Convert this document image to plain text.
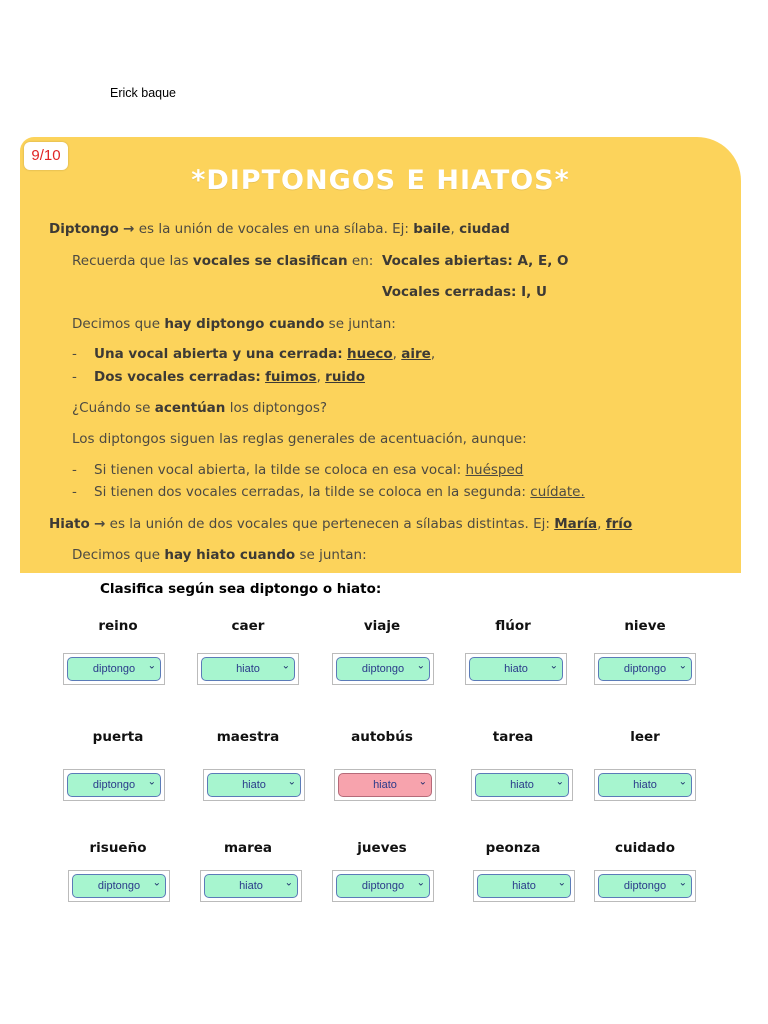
Erick baque
9/10
*DIPTONGOS E HIATOS*
Diptongo → es la unión de vocales en una sílaba. Ej: baile, ciudad
Recuerda que las vocales se clasifican en: Vocales abiertas: A, E, O
Vocales cerradas: I, U
Decimos que hay diptongo cuando se juntan:
-    Una vocal abierta y una cerrada: hueco, aire,
-    Dos vocales cerradas: fuimos, ruido
¿Cuándo se acentúan los diptongos?
Los diptongos siguen las reglas generales de acentuación, aunque:
-    Si tienen vocal abierta, la tilde se coloca en esa vocal: huésped
-    Si tienen dos vocales cerradas, la tilde se coloca en la segunda: cuídate.
Hiato → es la unión de dos vocales que pertenecen a sílabas distintas. Ej: María, frío
Decimos que hay hiato cuando se juntan:
Clasifica según sea diptongo o hiato:
reino
diptongo ⌄
caer
hiato ⌄
viaje
diptongo ⌄
flúor
hiato ⌄
nieve
diptongo ⌄
puerta
diptongo ⌄
maestra
hiato ⌄
autobús
hiato ⌄
tarea
hiato ⌄
leer
hiato ⌄
risueño
diptongo ⌄
marea
hiato ⌄
jueves
diptongo ⌄
peonza
hiato ⌄
cuidado
diptongo ⌄
